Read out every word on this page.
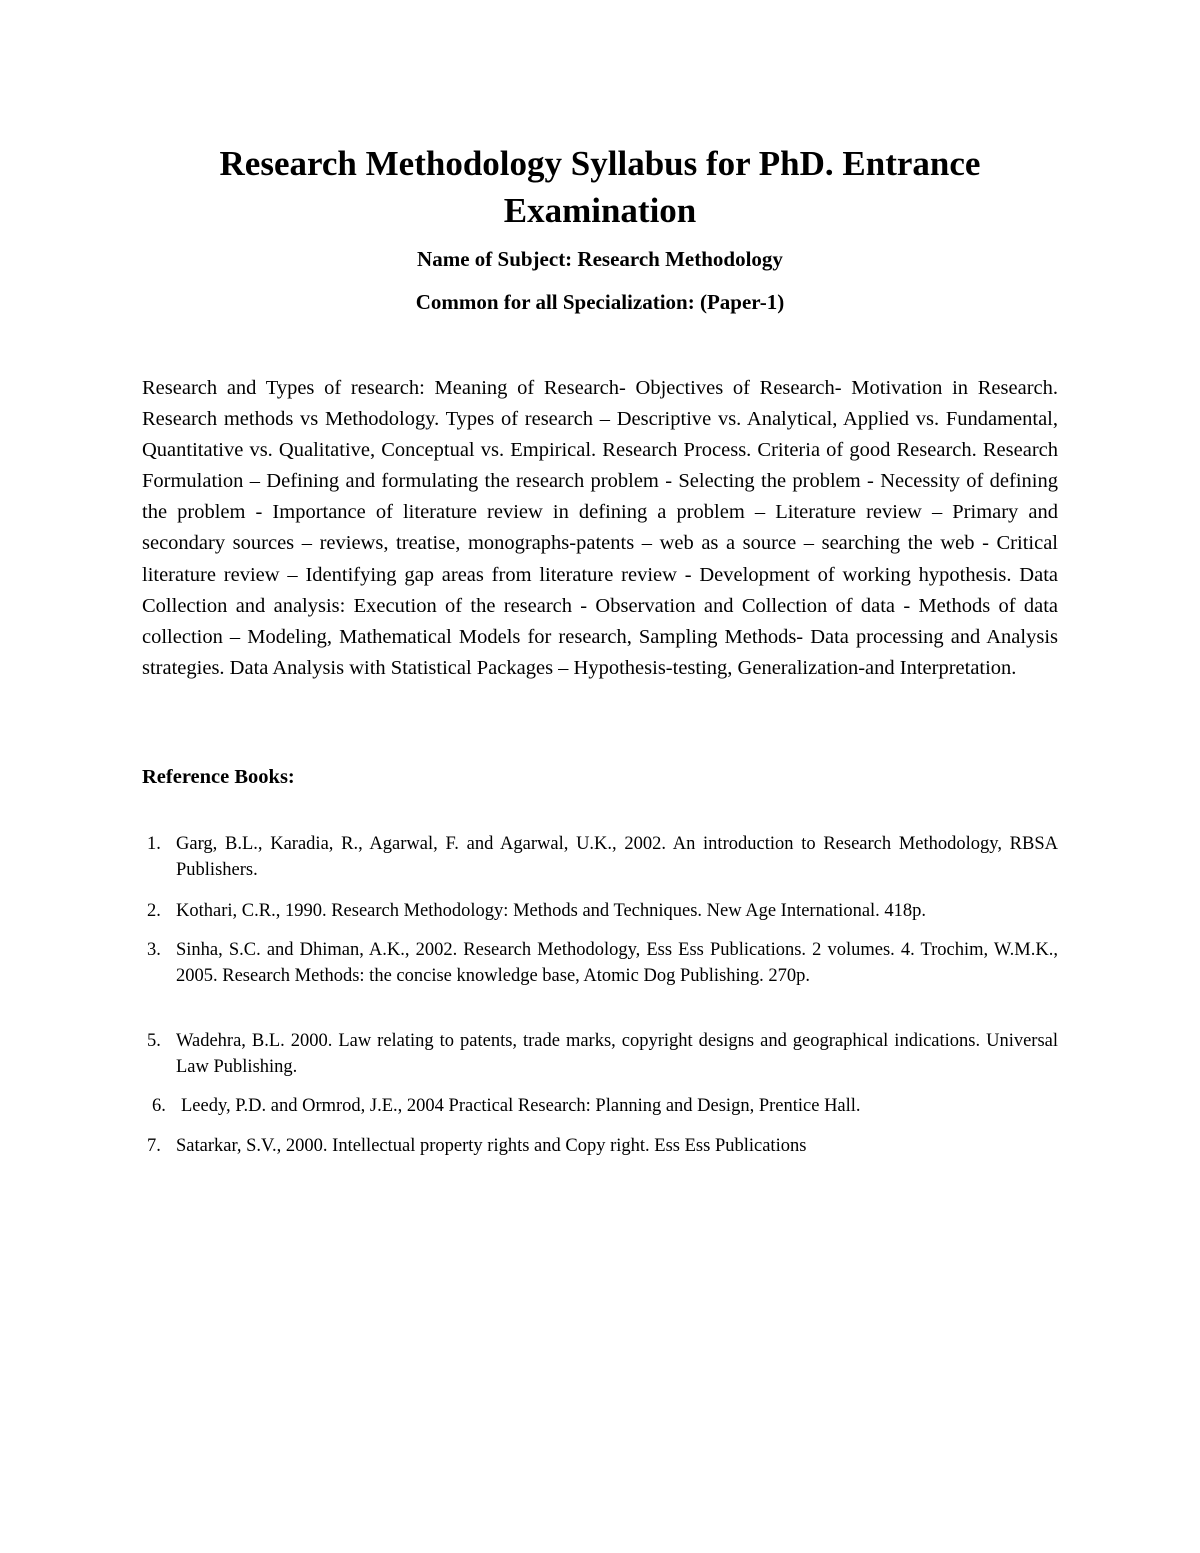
Research Methodology Syllabus for PhD. Entrance Examination

Name of Subject: Research Methodology

Common for all Specialization: (Paper-1)

Research and Types of research: Meaning of Research- Objectives of Research- Motivation in Research. Research methods vs Methodology. Types of research – Descriptive vs. Analytical, Applied vs. Fundamental, Quantitative vs. Qualitative, Conceptual vs. Empirical. Research Process. Criteria of good Research. Research Formulation – Defining and formulating the research problem - Selecting the problem - Necessity of defining the problem - Importance of literature review in defining a problem – Literature review – Primary and secondary sources – reviews, treatise, monographs-patents – web as a source – searching the web - Critical literature review – Identifying gap areas from literature review - Development of working hypothesis. Data Collection and analysis: Execution of the research - Observation and Collection of data - Methods of data collection – Modeling, Mathematical Models for research, Sampling Methods- Data processing and Analysis strategies. Data Analysis with Statistical Packages – Hypothesis-testing, Generalization-and Interpretation.

Reference Books:

1. Garg, B.L., Karadia, R., Agarwal, F. and Agarwal, U.K., 2002. An introduction to Research Methodology, RBSA Publishers.
2. Kothari, C.R., 1990. Research Methodology: Methods and Techniques. New Age International. 418p.
3. Sinha, S.C. and Dhiman, A.K., 2002. Research Methodology, Ess Ess Publications. 2 volumes. 4. Trochim, W.M.K., 2005. Research Methods: the concise knowledge base, Atomic Dog Publishing. 270p.
5. Wadehra, B.L. 2000. Law relating to patents, trade marks, copyright designs and geographical indications. Universal Law Publishing.
6. Leedy, P.D. and Ormrod, J.E., 2004 Practical Research: Planning and Design, Prentice Hall.
7. Satarkar, S.V., 2000. Intellectual property rights and Copy right. Ess Ess Publications
